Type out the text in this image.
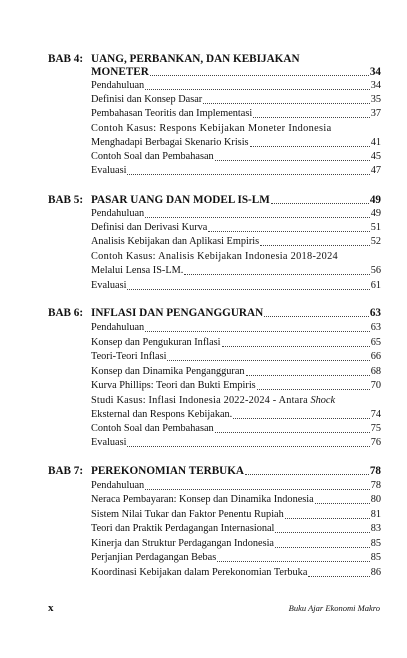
BAB 4: UANG, PERBANKAN, DAN KEBIJAKAN
MONETER	34
Pendahuluan	34
Definisi dan Konsep Dasar	35
Pembahasan Teoritis dan Implementasi	37
Contoh Kasus: Respons Kebijakan Moneter Indonesia
Menghadapi Berbagai Skenario Krisis	41
Contoh Soal dan Pembahasan	45
Evaluasi	47
BAB 5: PASAR UANG DAN MODEL IS-LM	49
Pendahuluan	49
Definisi dan Derivasi Kurva	51
Analisis Kebijakan dan Aplikasi Empiris	52
Contoh Kasus: Analisis Kebijakan Indonesia 2018-2024
Melalui Lensa IS-LM.	56
Evaluasi	61
BAB 6: INFLASI DAN PENGANGGURAN	63
Pendahuluan	63
Konsep dan Pengukuran Inflasi	65
Teori-Teori Inflasi	66
Konsep dan Dinamika Pengangguran	68
Kurva Phillips: Teori dan Bukti Empiris	70
Studi Kasus: Inflasi Indonesia 2022-2024 - Antara Shock
Eksternal dan Respons Kebijakan.	74
Contoh Soal dan Pembahasan	75
Evaluasi	76
BAB 7: PEREKONOMIAN TERBUKA	78
Pendahuluan	78
Neraca Pembayaran: Konsep dan Dinamika Indonesia	80
Sistem Nilai Tukar dan Faktor Penentu Rupiah	81
Teori dan Praktik Perdagangan Internasional	83
Kinerja dan Struktur Perdagangan Indonesia	85
Perjanjian Perdagangan Bebas	85
Koordinasi Kebijakan dalam Perekonomian Terbuka	86
x	Buku Ajar Ekonomi Makro
